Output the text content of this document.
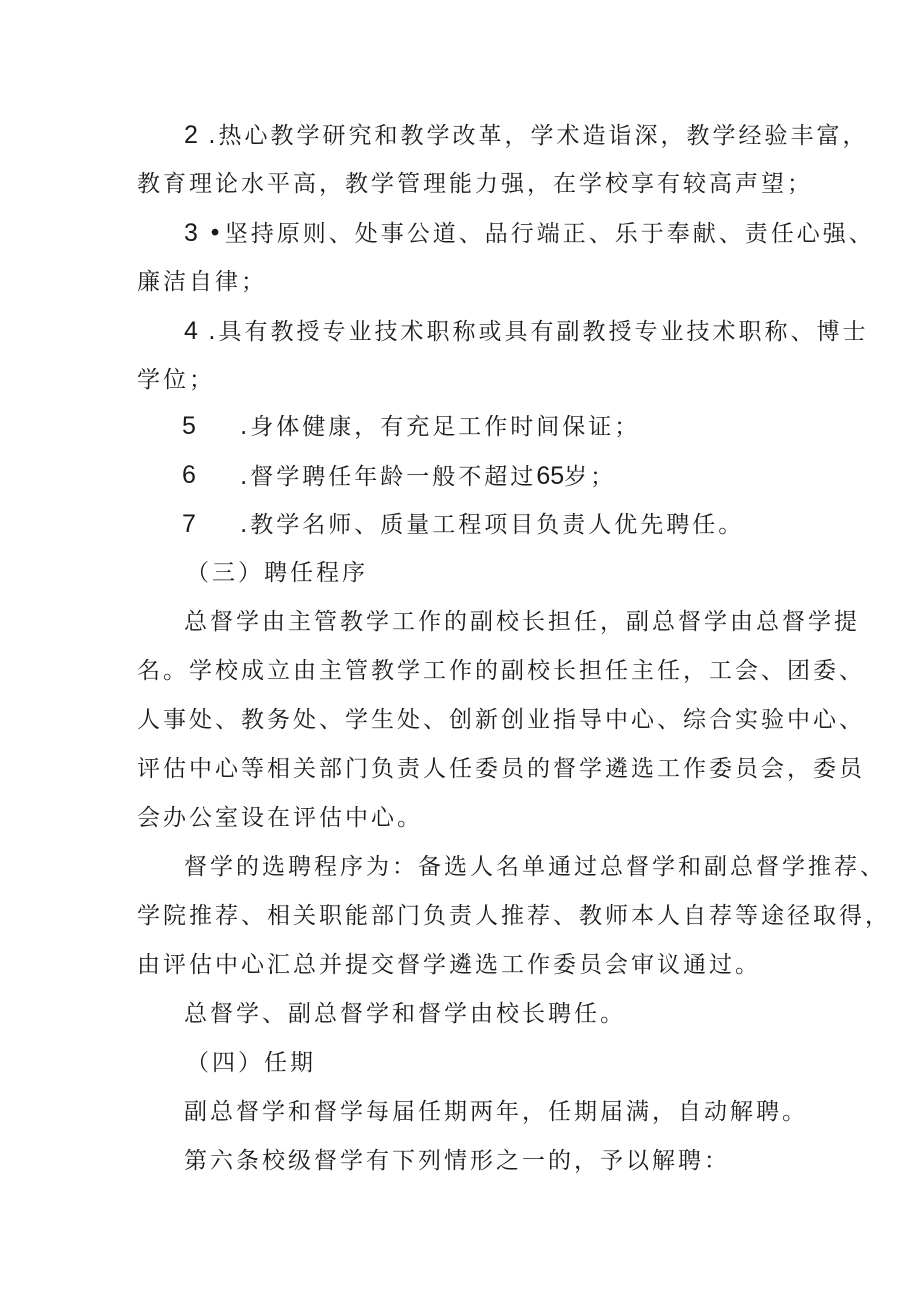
2 .热心教学研究和教学改革，学术造诣深，教学经验丰富，
教育理论水平高，教学管理能力强，在学校享有较高声望；
3 •坚持原则、处事公道、品行端正、乐于奉献、责任心强、
廉洁自律；
4 .具有教授专业技术职称或具有副教授专业技术职称、博士
学位；
5 .身体健康，有充足工作时间保证；
6 .督学聘任年龄一般不超过65岁；
7 .教学名师、质量工程项目负责人优先聘任。
（三）聘任程序
总督学由主管教学工作的副校长担任，副总督学由总督学提
名。学校成立由主管教学工作的副校长担任主任，工会、团委、
人事处、教务处、学生处、创新创业指导中心、综合实验中心、
评估中心等相关部门负责人任委员的督学遴选工作委员会，委员
会办公室设在评估中心。
督学的选聘程序为：备选人名单通过总督学和副总督学推荐、
学院推荐、相关职能部门负责人推荐、教师本人自荐等途径取得，
由评估中心汇总并提交督学遴选工作委员会审议通过。
总督学、副总督学和督学由校长聘任。
（四）任期
副总督学和督学每届任期两年，任期届满，自动解聘。
第六条校级督学有下列情形之一的，予以解聘：
